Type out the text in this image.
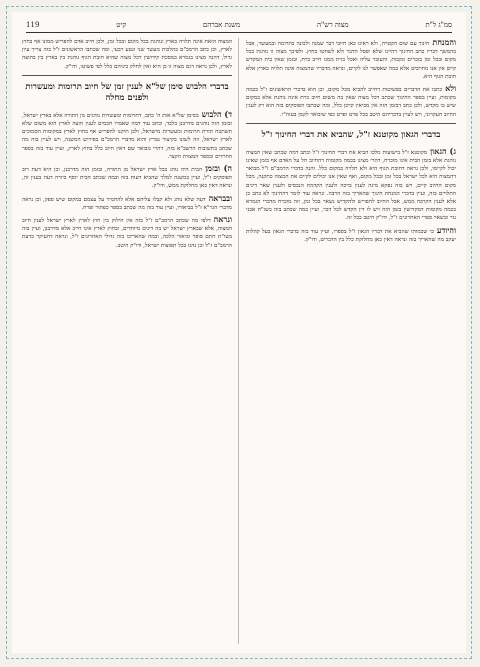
סמ"ג ל"ת
מצוה רש"ה
משנת אברהם
קיט
119

והמנחתחינוך עם שום הקטרה, ולא ראינו כאן חיובי דבר שמנה ולבונה בתרומה ובמעשר, אבל בהמשך דבריו כתב החינוך דהיינו שלא יפסל הדבר ולא לשחטו בחוץ. ולפיכך מצוה זו נוהגת בכל מקום ובכל זמן בזכרים ונקבות, והעובר עליה ואכל כזית ממנו חייב כרת, ובזמן שאין בית המקדש קיים אין אנו מחויבים אלא במה שאפשר לנו לקיים, ונראה מדבריו שהמצוה אינה תלויה בארץ אלא חובת הגוף היא.

ולאכתבו את הדברים בפשיטות דחייב להביא מכל מקום, וכן הוא בדברי הראשונים ז"ל בכמה מקומות, ועיין בספר החינוך שכתב דכל מצוה שאין בה משום חיוב כרת אינה נוהגת אלא במקום שיש בו מקדש, ולכן כתב דבזמן הזה אין מביאין קרבן כלל, ומה שכתבו הפוסקים בזה הוא רק לענין החיוב העקרוני, ויש לעיין בדבריהם היטב בכל פרט ופרט כפי שיבואר לקמן בעזה"י.

בדברי הגאון מקוטנא ז"ל, שהביא את דברי החינוך ז"ל

ג) הגאוןמקוטנא ז"ל בישועות מלכו הביא את דברי החינוך ז"ל וכתב דמה שכתב שאין המצוה נוהגת אלא בזמן הבית אינו מוכרח, דהרי מצינו בכמה מקומות דהחיוב חל על האדם אף בזמן שאינו יכול לקיימו, ולכן נראה דחובת הגוף היא ולא תלויה במקום כלל. והנה בדברי הרמב"ם ז"ל מבואר דהמצוה היא לכל ישראל בכל זמן ובכל מקום, ואף שאין אנו יכולים לקיים את המצוה כתקנה, מכל מקום החיוב קיים, ויש בזה נפקא מינה לענין ברכה ולענין הקדמת הנכסים ולענין שאר דינים התלויים בזה, ועיין בדברי המנחת חינוך שהאריך בזה הרבה. ונראה עוד לומר דהחינוך לא כתב כן אלא לענין הקרבה ממש, אבל החיוב להפריש ולהקדיש נשאר בכל זמן, וזה מוכרח מדברי הגמרא בכמה מקומות דמקדישין בזמן הזה ויש לו דין הקדש לכל דבר, ועיין במה שכתב בזה בשו"ת אבני נזר ובשאר ספרי האחרונים ז"ל, ודו"ק היטב בכל זה.

והיודעכי שכמותו שהביא את דבריו הגאון ז"ל בספרו, ועיין עוד בזה בדברי הגאון בעל קהלות יעקב מה שהאריך בזה ונראה דאין כאן מחלוקת כלל בין הדברים, ודו"ק.

המצוה הזאת אינה תלויה בארץ ונוהגת בכל מקום ובכל זמן, ולכן חייב אדם להפריש ממונו אף בחוץ לארץ, וכן כתב הרמב"ם בהלכות מעשר שני ונטע רבעי, ומה שכתבו הראשונים ז"ל בזה צריך עיון גדול, דהנה מצינו בגמרא במסכת קידושין דכל מצוה שהיא חובת הגוף נוהגת בין בארץ בין בחוצה לארץ, ולכן נראה דגם מצוה זו כן היא ואין לחלק ביניהם כלל לפי פשוטו, ודו"ק.

בדברי הלבוש סימן של"א לענין זמן של חיוב תרומות ומעשרות ולפנים מחלה

ד) הלבושבסימן של"א אות ה' כתב, דתרומות ומעשרות נוהגים מן התורה אלא בארץ ישראל, ובזמן הזה נוהגים מדרבנן בלבד, וכתב עוד דמה שאמרו חכמים לענין חוצה לארץ הוא משום שלא תשתכח תורת תרומות ומעשרות מישראל, ולכן תיקנו להפריש אף בחוץ לארץ במקומות הסמוכים לארץ ישראל, וזה לשונו בקיצור נמרץ והוא מדברי הרמב"ם בפירוש המשנה, ויש לעיין בזה מה שכתב בתשובות הרשב"א בזה, דהרי מבואר שם דאין חיוב כלל בחוץ לארץ, ועיין עוד בזה בספר החרדים ובספר המצוות הקצר.

ה) ובזמןהבית היה נוהג בכל ארץ ישראל מן התורה, ובזמן הזה מדרבנן, וכן היא דעת רוב הפוסקים ז"ל, ועיין במשנה למלך שהביא דעות בזה ובמה שכתב הבית יוסף ביורה דעה בענין זה, ונראה דאין כאן מחלוקת ממש, ודו"ק.

ובבראהדעה שלא נוהג ולא קבלו עליהם אלא להחמיר על עצמם במקום שיש ספק, וכן נראה מדברי הגר"א ז"ל בביאורו, ועיין עוד בזה מה שכתב בספר כפתור ופרח.

ונראהדלפי מה שכתב הרמב"ם ז"ל בזה אין חילוק בין חוץ לארץ לארץ ישראל לענין חיוב המצוה, אלא שבארץ ישראל יש בה דינים מיוחדים, ובחוץ לארץ אינו חייב אלא מדרבנן, ועיין בזה בשו"ת חתם סופר וביאור הלכה, ובמה שהאריכו בזה גדולי האחרונים ז"ל, ונראה דהעיקר כדעת הרמב"ם ז"ל וכן נהגו בכל תפוצות ישראל, ודו"ק היטב.
